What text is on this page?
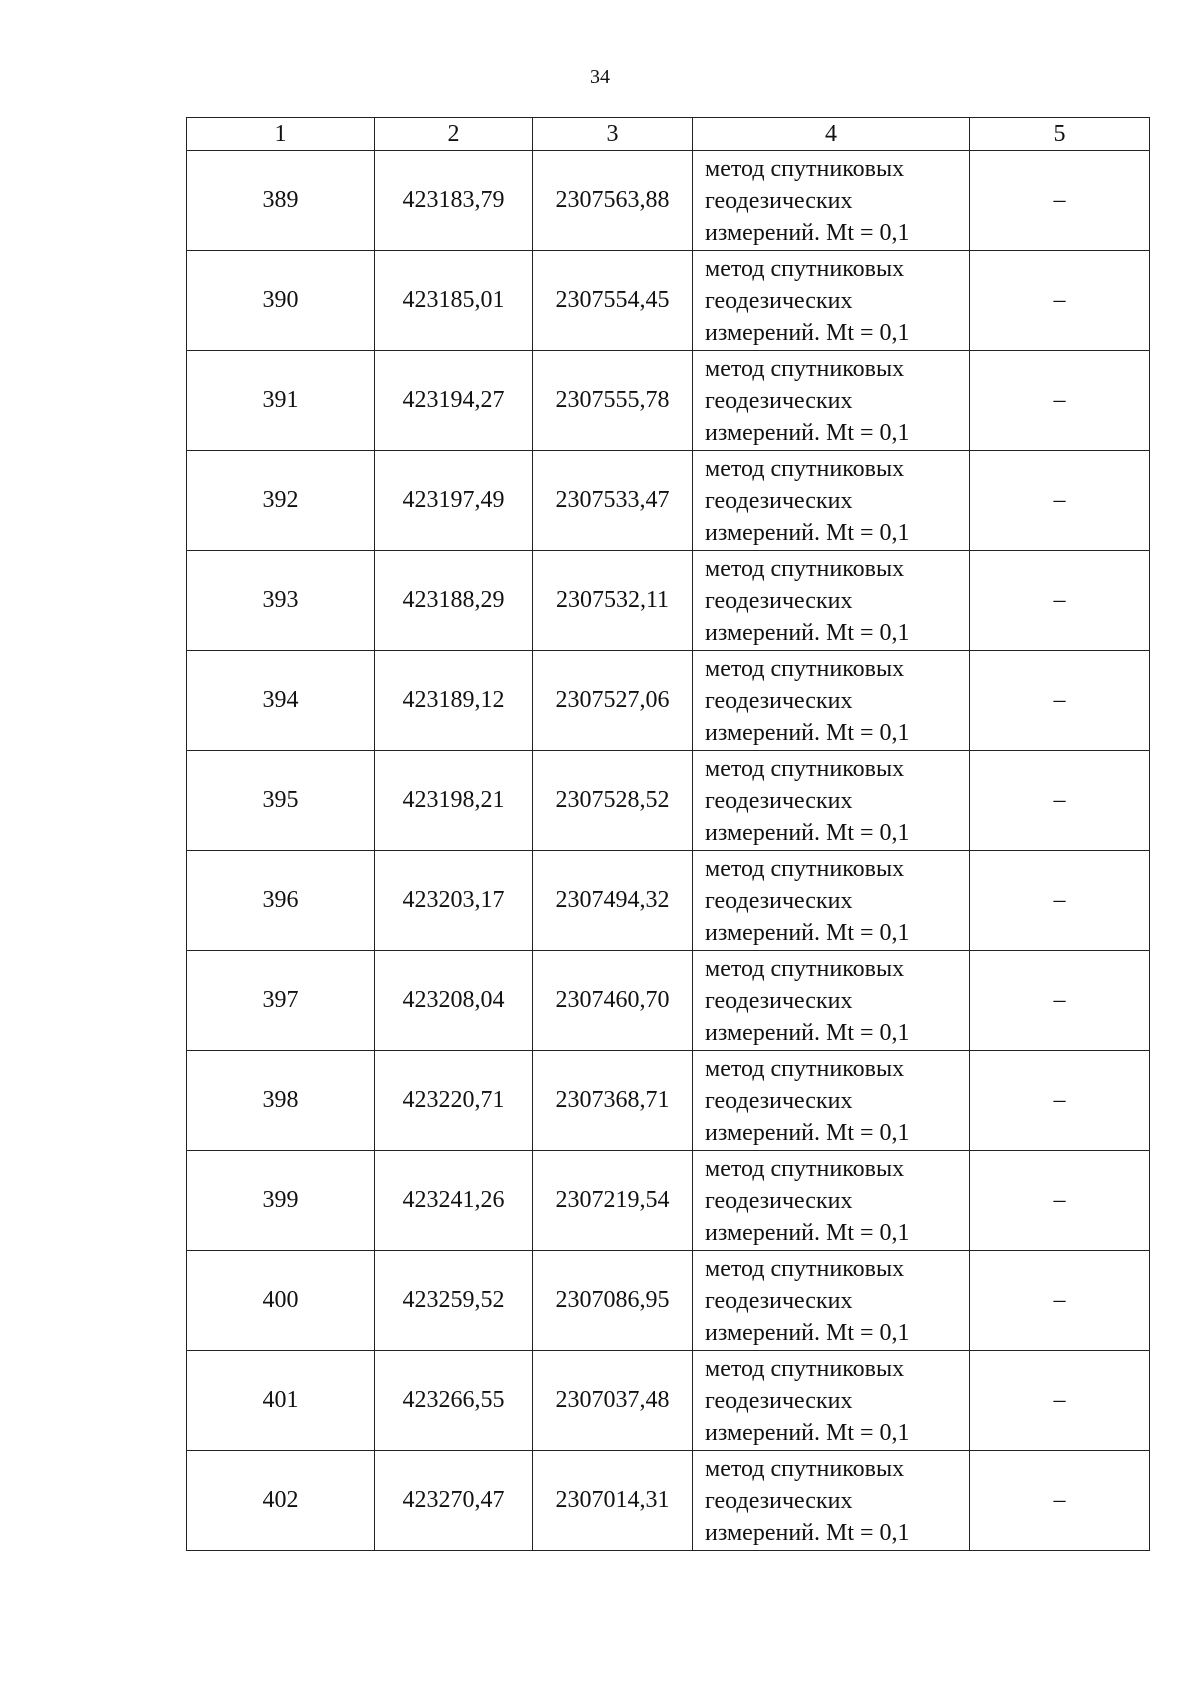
34
1	2	3	4	5
389	423183,79	2307563,88	метод спутниковых
геодезических
измерений. Mt = 0,1	–
390	423185,01	2307554,45	метод спутниковых
геодезических
измерений. Mt = 0,1	–
391	423194,27	2307555,78	метод спутниковых
геодезических
измерений. Mt = 0,1	–
392	423197,49	2307533,47	метод спутниковых
геодезических
измерений. Mt = 0,1	–
393	423188,29	2307532,11	метод спутниковых
геодезических
измерений. Mt = 0,1	–
394	423189,12	2307527,06	метод спутниковых
геодезических
измерений. Mt = 0,1	–
395	423198,21	2307528,52	метод спутниковых
геодезических
измерений. Mt = 0,1	–
396	423203,17	2307494,32	метод спутниковых
геодезических
измерений. Mt = 0,1	–
397	423208,04	2307460,70	метод спутниковых
геодезических
измерений. Mt = 0,1	–
398	423220,71	2307368,71	метод спутниковых
геодезических
измерений. Mt = 0,1	–
399	423241,26	2307219,54	метод спутниковых
геодезических
измерений. Mt = 0,1	–
400	423259,52	2307086,95	метод спутниковых
геодезических
измерений. Mt = 0,1	–
401	423266,55	2307037,48	метод спутниковых
геодезических
измерений. Mt = 0,1	–
402	423270,47	2307014,31	метод спутниковых
геодезических
измерений. Mt = 0,1	–
